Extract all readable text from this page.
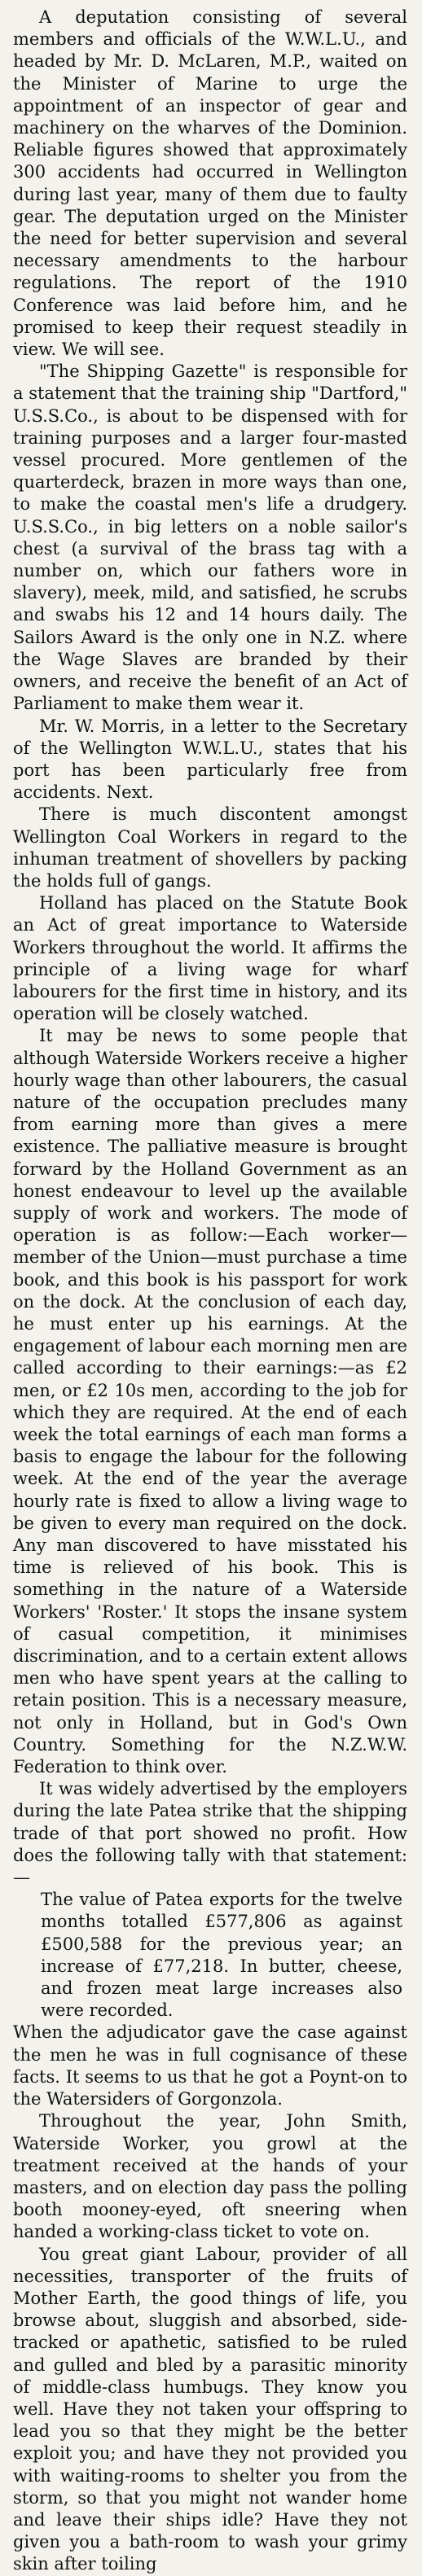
A deputation consisting of several members and officials of the W.W.L.U., and headed by Mr. D. McLaren, M.P., waited on the Minister of Marine to urge the appointment of an inspector of gear and machinery on the wharves of the Dominion. Reliable figures showed that approximately 300 accidents had occurred in Wellington during last year, many of them due to faulty gear. The deputation urged on the Minister the need for better supervision and several necessary amendments to the harbour regulations. The report of the 1910 Conference was laid before him, and he promised to keep their request steadily in view. We will see.

"The Shipping Gazette" is responsible for a statement that the training ship "Dartford," U.S.S.Co., is about to be dispensed with for training purposes and a larger four-masted vessel procured. More gentlemen of the quarterdeck, brazen in more ways than one, to make the coastal men's life a drudgery. U.S.S.Co., in big letters on a noble sailor's chest (a survival of the brass tag with a number on, which our fathers wore in slavery), meek, mild, and satisfied, he scrubs and swabs his 12 and 14 hours daily. The Sailors Award is the only one in N.Z. where the Wage Slaves are branded by their owners, and receive the benefit of an Act of Parliament to make them wear it.

Mr. W. Morris, in a letter to the Secretary of the Wellington W.W.L.U., states that his port has been particularly free from accidents. Next.

There is much discontent amongst Wellington Coal Workers in regard to the inhuman treatment of shovellers by packing the holds full of gangs.

Holland has placed on the Statute Book an Act of great importance to Waterside Workers throughout the world. It affirms the principle of a living wage for wharf labourers for the first time in history, and its operation will be closely watched.

It may be news to some people that although Waterside Workers receive a higher hourly wage than other labourers, the casual nature of the occupation precludes many from earning more than gives a mere existence. The palliative measure is brought forward by the Holland Government as an honest endeavour to level up the available supply of work and workers. The mode of operation is as follow:—Each worker—member of the Union—must purchase a time book, and this book is his passport for work on the dock. At the conclusion of each day, he must enter up his earnings. At the engagement of labour each morning men are called according to their earnings:—as £2 men, or £2 10s men, according to the job for which they are required. At the end of each week the total earnings of each man forms a basis to engage the labour for the following week. At the end of the year the average hourly rate is fixed to allow a living wage to be given to every man required on the dock. Any man discovered to have misstated his time is relieved of his book. This is something in the nature of a Waterside Workers' 'Roster.' It stops the insane system of casual competition, it minimises discrimination, and to a certain extent allows men who have spent years at the calling to retain position. This is a necessary measure, not only in Holland, but in God's Own Country. Something for the N.Z.W.W. Federation to think over.

It was widely advertised by the employers during the late Patea strike that the shipping trade of that port showed no profit. How does the following tally with that statement:—

The value of Patea exports for the twelve months totalled £577,806 as against £500,588 for the previous year; an increase of £77,218. In butter, cheese, and frozen meat large increases also were recorded.

When the adjudicator gave the case against the men he was in full cognisance of these facts. It seems to us that he got a Poynt-on to the Watersiders of Gorgonzola.

Throughout the year, John Smith, Waterside Worker, you growl at the treatment received at the hands of your masters, and on election day pass the polling booth mooney-eyed, oft sneering when handed a working-class ticket to vote on.

You great giant Labour, provider of all necessities, transporter of the fruits of Mother Earth, the good things of life, you browse about, sluggish and absorbed, side-tracked or apathetic, satisfied to be ruled and gulled and bled by a parasitic minority of middle-class humbugs. They know you well. Have they not taken your offspring to lead you so that they might be the better exploit you; and have they not provided you with waiting-rooms to shelter you from the storm, so that you might not wander home and leave their ships idle? Have they not given you a bath-room to wash your grimy skin after toiling
